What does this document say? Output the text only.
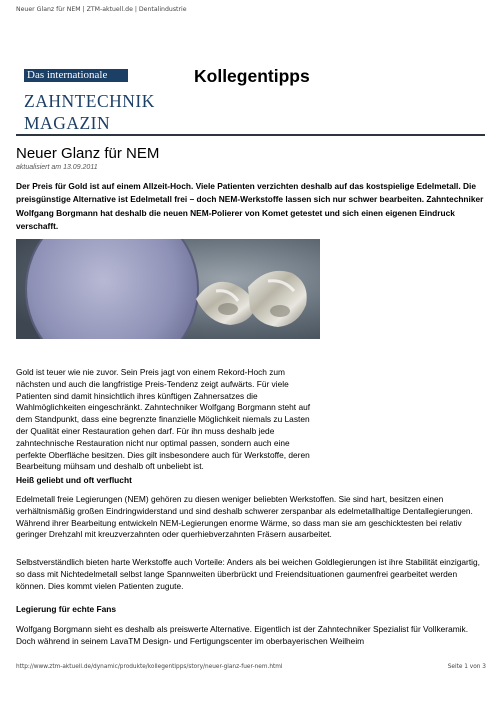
Neuer Glanz für NEM | ZTM-aktuell.de | Dentalindustrie
Das internationale
ZAHNTECHNIK
MAGAZIN
Kollegentipps
Neuer Glanz für NEM
aktualisiert am 13.09.2011

Der Preis für Gold ist auf einem Allzeit-Hoch. Viele Patienten verzichten deshalb auf das kostspielige Edelmetall. Die preisgünstige Alternative ist Edelmetall frei – doch NEM-Werkstoffe lassen sich nur schwer bearbeiten. Zahntechniker Wolfgang Borgmann hat deshalb die neuen NEM-Polierer von Komet getestet und sich einen eigenen Eindruck verschafft.

Gold ist teuer wie nie zuvor. Sein Preis jagt von einem Rekord-Hoch zum nächsten und auch die langfristige Preis-Tendenz zeigt aufwärts. Für viele Patienten sind damit hinsichtlich ihres künftigen Zahnersatzes die Wahlmöglichkeiten eingeschränkt. Zahntechniker Wolfgang Borgmann steht auf dem Standpunkt, dass eine begrenzte finanzielle Möglichkeit niemals zu Lasten der Qualität einer Restauration gehen darf. Für ihn muss deshalb jede zahntechnische Restauration nicht nur optimal passen, sondern auch eine perfekte Oberfläche besitzen. Dies gilt insbesondere auch für Werkstoffe, deren Bearbeitung mühsam und deshalb oft unbeliebt ist.

Heiß geliebt und oft verflucht

Edelmetall freie Legierungen (NEM) gehören zu diesen weniger beliebten Werkstoffen. Sie sind hart, besitzen einen verhältnismäßig großen Eindringwiderstand und sind deshalb schwerer zerspanbar als edelmetallhaltige Dentallegierungen. Während ihrer Bearbeitung entwickeln NEM-Legierungen enorme Wärme, so dass man sie am geschicktesten bei relativ geringer Drehzahl mit kreuzverzahnten oder querhiebverzahnten Fräsern ausarbeitet.

Selbstverständlich bieten harte Werkstoffe auch Vorteile: Anders als bei weichen Goldlegierungen ist ihre Stabilität einzigartig, so dass mit Nichtedelmetall selbst lange Spannweiten überbrückt und Freiendsituationen gaumenfrei gearbeitet werden können. Dies kommt vielen Patienten zugute.

Legierung für echte Fans

Wolfgang Borgmann sieht es deshalb als preiswerte Alternative. Eigentlich ist der Zahntechniker Spezialist für Vollkeramik. Doch während in seinem LavaTM Design- und Fertigungscenter im oberbayerischen Weilheim

http://www.ztm-aktuell.de/dynamic/produkte/kollegentipps/story/neuer-glanz-fuer-nem.html	Seite 1 von 3
